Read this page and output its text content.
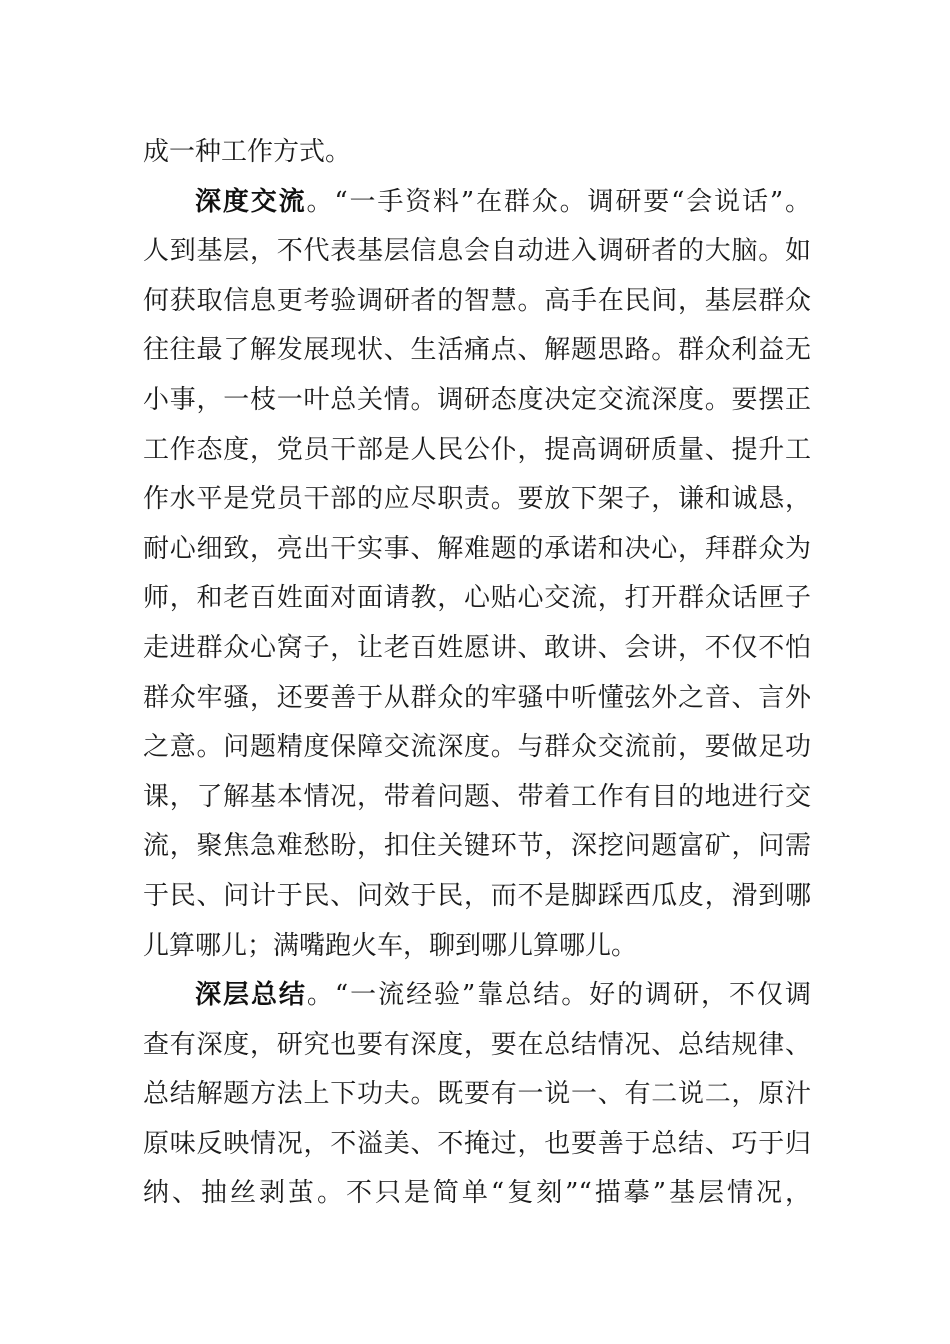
成一种工作方式。
深度交流。“一手资料”在群众。调研要“会说话”。
人到基层，不代表基层信息会自动进入调研者的大脑。如
何获取信息更考验调研者的智慧。高手在民间，基层群众
往往最了解发展现状、生活痛点、解题思路。群众利益无
小事，一枝一叶总关情。调研态度决定交流深度。要摆正
工作态度，党员干部是人民公仆，提高调研质量、提升工
作水平是党员干部的应尽职责。要放下架子，谦和诚恳，
耐心细致，亮出干实事、解难题的承诺和决心，拜群众为
师，和老百姓面对面请教，心贴心交流，打开群众话匣子
走进群众心窝子，让老百姓愿讲、敢讲、会讲，不仅不怕
群众牢骚，还要善于从群众的牢骚中听懂弦外之音、言外
之意。问题精度保障交流深度。与群众交流前，要做足功
课，了解基本情况，带着问题、带着工作有目的地进行交
流，聚焦急难愁盼，扣住关键环节，深挖问题富矿，问需
于民、问计于民、问效于民，而不是脚踩西瓜皮，滑到哪
儿算哪儿；满嘴跑火车，聊到哪儿算哪儿。
深层总结。“一流经验”靠总结。好的调研，不仅调
查有深度，研究也要有深度，要在总结情况、总结规律、
总结解题方法上下功夫。既要有一说一、有二说二，原汁
原味反映情况，不溢美、不掩过，也要善于总结、巧于归
纳、抽丝剥茧。不只是简单“复刻”“描摹”基层情况，
